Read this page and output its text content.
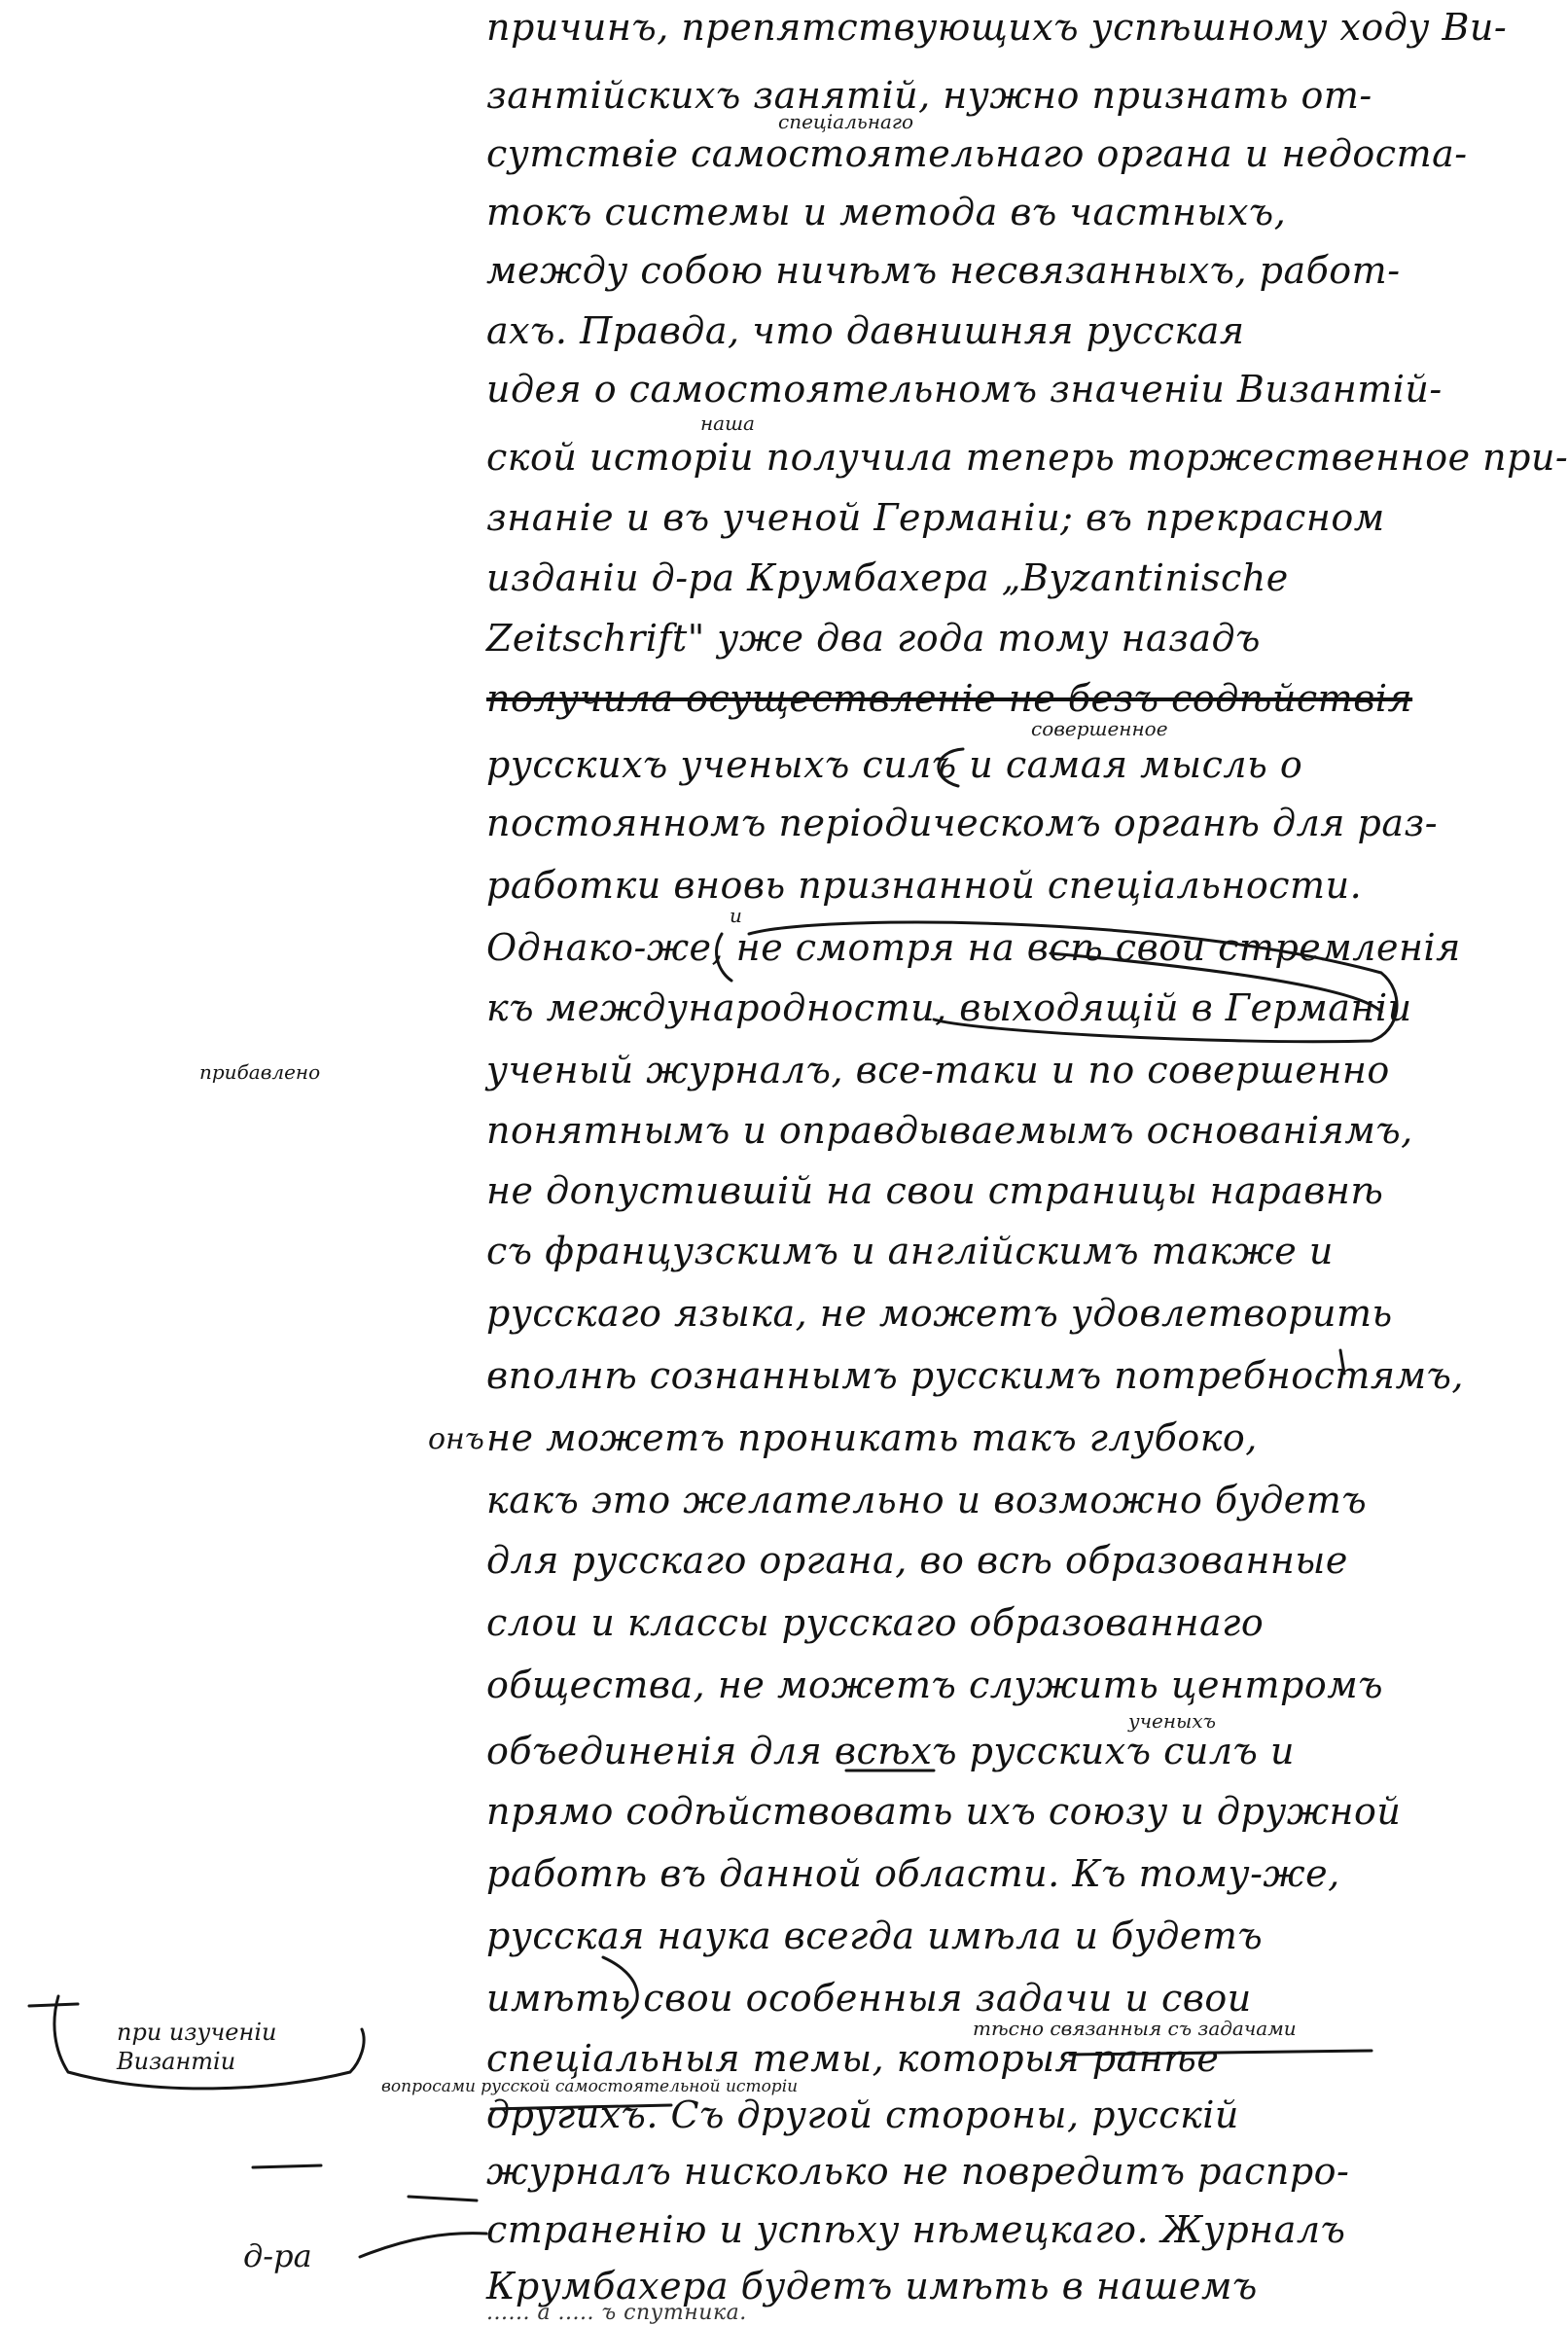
причинъ, препятствующихъ успѣшному ходу Ви-
зантійскихъ занятій, нужно признать от-
сутствіе самостоятельнаго органа и недоста-
токъ системы и метода въ частныхъ,
между собою ничѣмъ несвязанныхъ, работ-
ахъ. Правда, что давнишняя русская
идея о самостоятельномъ значеніи Византій-
ской исторіи получила теперь торжественное при-
знаніе и въ ученой Германіи; въ прекрасном
изданіи д-ра Крумбахера „Byzantinische
Zeitschrift" уже два года тому назадъ
получила осуществленіе не безъ содѣйствія
русскихъ ученыхъ силъ и самая мысль о
постоянномъ періодическомъ органѣ для раз-
работки вновь признанной спеціальности.
Однако-же, не смотря на всѣ свои стремленія
къ международности, выходящій в Германіи
ученый журналъ, все-таки и по совершенно
понятнымъ и оправдываемымъ основаніямъ,
не допустившій на свои страницы наравнѣ
съ французскимъ и англійскимъ также и
русскаго языка, не можетъ удовлетворить
вполнѣ сознаннымъ русскимъ потребностямъ,
не можетъ проникать такъ глубоко,
какъ это желательно и возможно будетъ
для русскаго органа, во всѣ образованные
слои и классы русскаго образованнаго
общества, не можетъ служить центромъ
объединенія для всѣхъ русскихъ силъ и
прямо содѣйствовать ихъ союзу и дружной
работѣ въ данной области. Къ тому-же,
русская наука всегда имѣла и будетъ
имѣть свои особенныя задачи и свои
спеціальныя темы, которыя ранѣе
другихъ. Съ другой стороны, русскій
журналъ нисколько не повредитъ распро-
страненію и успѣху нѣмецкаго. Журналъ
Крумбахера будетъ имѣть в нашемъ
...... а ..... ъ спутника.
спеціальнаго
наша
совершенное
и
ученыхъ
тѣсно связанныя съ задачами
вопросами русской самостоятельной исторіи
прибавлено
онъ
при изученіи Византіи
д-ра
